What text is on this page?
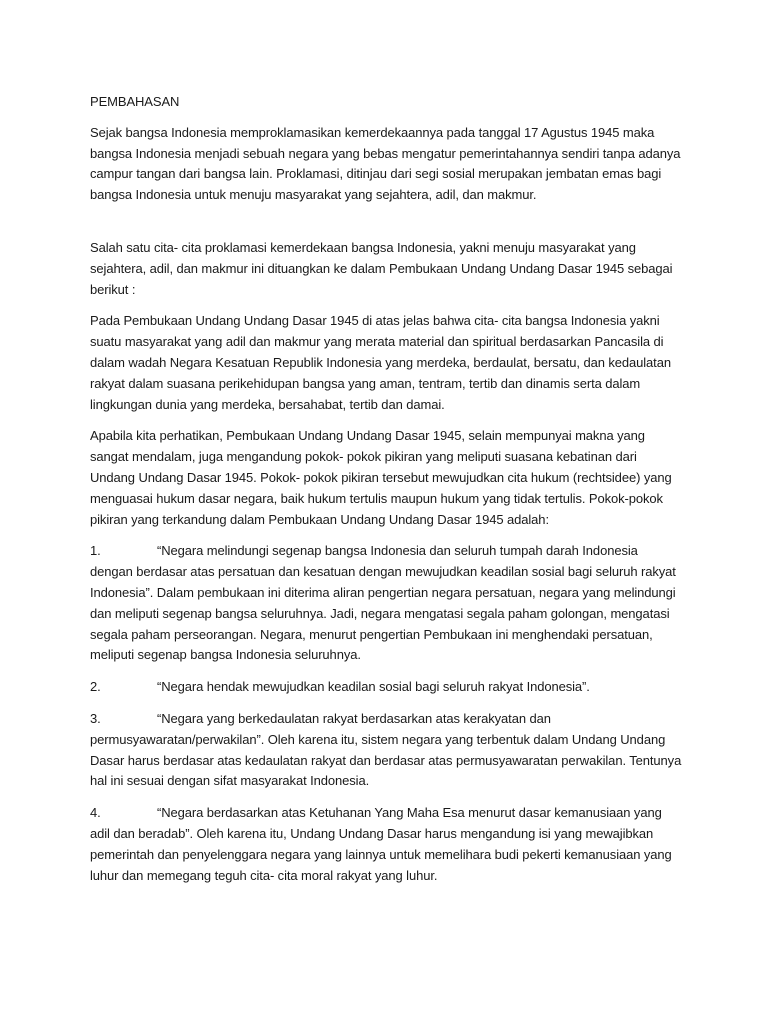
PEMBAHASAN

Sejak bangsa Indonesia memproklamasikan kemerdekaannya pada tanggal 17 Agustus 1945 maka bangsa Indonesia menjadi sebuah negara yang bebas mengatur pemerintahannya sendiri tanpa adanya campur tangan dari bangsa lain. Proklamasi, ditinjau dari segi sosial merupakan jembatan emas bagi bangsa Indonesia untuk menuju masyarakat yang sejahtera, adil, dan makmur.

Salah satu cita- cita proklamasi kemerdekaan bangsa Indonesia, yakni menuju masyarakat yang sejahtera, adil, dan makmur ini dituangkan ke dalam Pembukaan Undang Undang Dasar 1945 sebagai berikut :

Pada Pembukaan Undang Undang Dasar 1945 di atas jelas bahwa cita- cita bangsa Indonesia yakni suatu masyarakat yang adil dan makmur yang merata material dan spiritual berdasarkan Pancasila di dalam wadah Negara Kesatuan Republik Indonesia yang merdeka, berdaulat, bersatu, dan kedaulatan rakyat dalam suasana perikehidupan bangsa yang aman, tentram, tertib dan dinamis serta dalam lingkungan dunia yang merdeka, bersahabat, tertib dan damai.

Apabila kita perhatikan, Pembukaan Undang Undang Dasar 1945, selain mempunyai makna yang sangat mendalam, juga mengandung pokok- pokok pikiran yang meliputi suasana kebatinan dari Undang Undang Dasar 1945. Pokok- pokok pikiran tersebut mewujudkan cita hukum (rechtsidee) yang menguasai hukum dasar negara, baik hukum tertulis maupun hukum yang tidak tertulis. Pokok-pokok pikiran yang terkandung dalam Pembukaan Undang Undang Dasar 1945 adalah:

1.	“Negara melindungi segenap bangsa Indonesia dan seluruh tumpah darah Indonesia dengan berdasar atas persatuan dan kesatuan dengan mewujudkan keadilan sosial bagi seluruh rakyat Indonesia”. Dalam pembukaan ini diterima aliran pengertian negara persatuan, negara yang melindungi dan meliputi segenap bangsa seluruhnya. Jadi, negara mengatasi segala paham golongan, mengatasi segala paham perseorangan. Negara, menurut pengertian Pembukaan ini menghendaki persatuan, meliputi segenap bangsa Indonesia seluruhnya.

2.	“Negara hendak mewujudkan keadilan sosial bagi seluruh rakyat Indonesia”.

3.	“Negara yang berkedaulatan rakyat berdasarkan atas kerakyatan dan permusyawaratan/perwakilan”. Oleh karena itu, sistem negara yang terbentuk dalam Undang Undang Dasar harus berdasar atas kedaulatan rakyat dan berdasar atas permusyawaratan perwakilan. Tentunya hal ini sesuai dengan sifat masyarakat Indonesia.

4.	“Negara berdasarkan atas Ketuhanan Yang Maha Esa menurut dasar kemanusiaan yang adil dan beradab”. Oleh karena itu, Undang Undang Dasar harus mengandung isi yang mewajibkan pemerintah dan penyelenggara negara yang lainnya untuk memelihara budi pekerti kemanusiaan yang luhur dan memegang teguh cita- cita moral rakyat yang luhur.
